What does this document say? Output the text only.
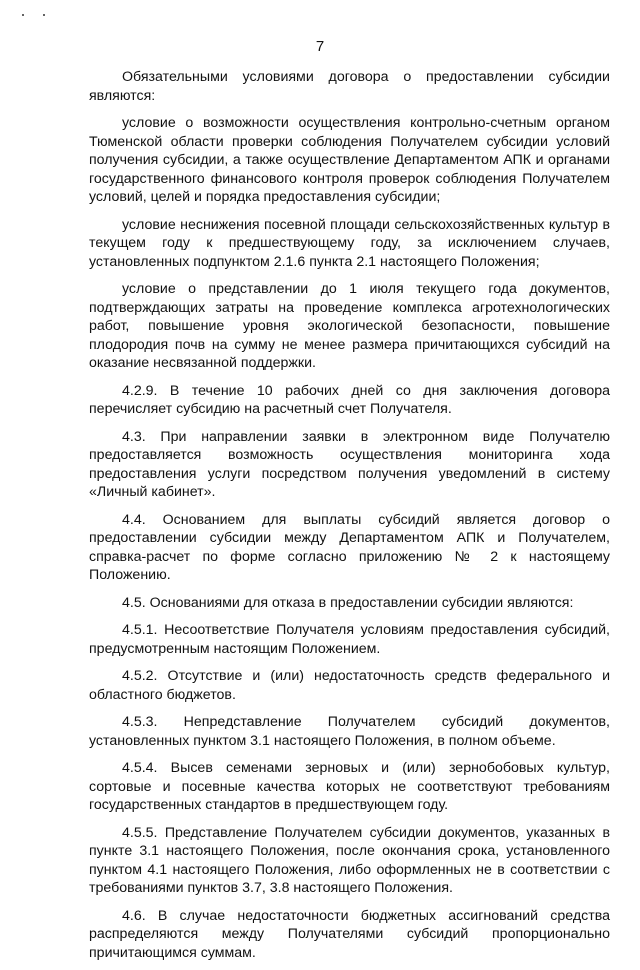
7

Обязательными условиями договора о предоставлении субсидии являются:

условие о возможности осуществления контрольно-счетным органом Тюменской области проверки соблюдения Получателем субсидии условий получения субсидии, а также осуществление Департаментом АПК и органами государственного финансового контроля проверок соблюдения Получателем условий, целей и порядка предоставления субсидии;

условие неснижения посевной площади сельскохозяйственных культур в текущем году к предшествующему году, за исключением случаев, установленных подпунктом 2.1.6 пункта 2.1 настоящего Положения;

условие о представлении до 1 июля текущего года документов, подтверждающих затраты на проведение комплекса агротехнологических работ, повышение уровня экологической безопасности, повышение плодородия почв на сумму не менее размера причитающихся субсидий на оказание несвязанной поддержки.

4.2.9. В течение 10 рабочих дней со дня заключения договора перечисляет субсидию на расчетный счет Получателя.

4.3. При направлении заявки в электронном виде Получателю предоставляется возможность осуществления мониторинга хода предоставления услуги посредством получения уведомлений в систему «Личный кабинет».

4.4. Основанием для выплаты субсидий является договор о предоставлении субсидии между Департаментом АПК и Получателем, справка-расчет по форме согласно приложению № 2 к настоящему Положению.

4.5. Основаниями для отказа в предоставлении субсидии являются:

4.5.1. Несоответствие Получателя условиям предоставления субсидий, предусмотренным настоящим Положением.

4.5.2. Отсутствие и (или) недостаточность средств федерального и областного бюджетов.

4.5.3. Непредставление Получателем субсидий документов, установленных пунктом 3.1 настоящего Положения, в полном объеме.

4.5.4. Высев семенами зерновых и (или) зернобобовых культур, сортовые и посевные качества которых не соответствуют требованиям государственных стандартов в предшествующем году.

4.5.5. Представление Получателем субсидии документов, указанных в пункте 3.1 настоящего Положения, после окончания срока, установленного пунктом 4.1 настоящего Положения, либо оформленных не в соответствии с требованиями пунктов 3.7, 3.8 настоящего Положения.

4.6. В случае недостаточности бюджетных ассигнований средства распределяются между Получателями субсидий пропорционально причитающимся суммам.
